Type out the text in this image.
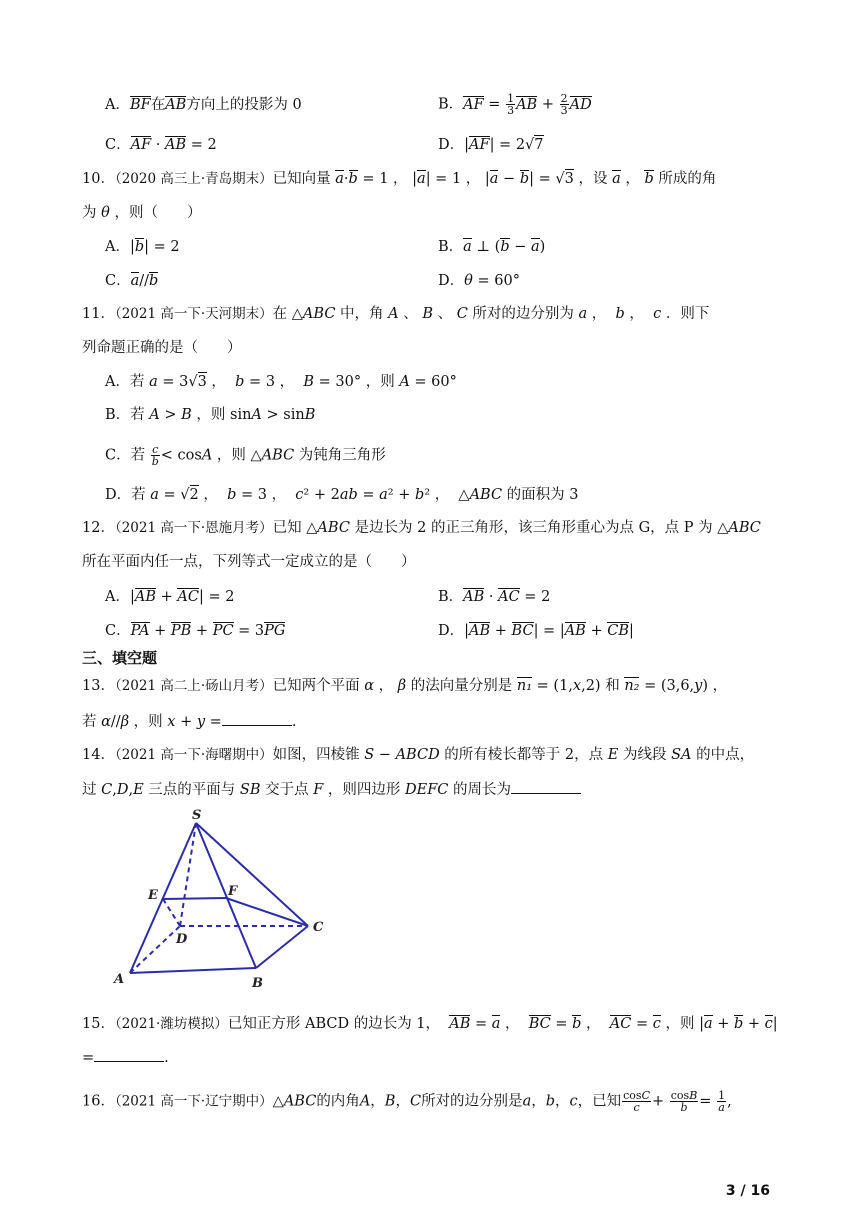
A．BF在AB方向上的投影为 0	B．AF = $\frac{1}{3}$ AB + $\frac{2}{3}$ AD
C．AF · AB = 2	D．|AF| = 2√7
10．（2020 高三上·青岛期末）已知向量 a·b = 1 ， |a| = 1 ， |a − b| = √3 ，设 a ， b 所成的角
为 θ ，则（　　）
A．|b| = 2	B．a ⊥ (b − a)
C．a//b	D．θ = 60°
11．（2021 高一下·天河期末）在 △ABC 中，角 A 、 B 、 C 所对的边分别为 a ，  b ，  c ．则下
列命题正确的是（　　）
A．若 a = 3√3 ，  b = 3 ，  B = 30° ，则 A = 60°
B．若 A > B ，则 sinA > sinB
C．若 $\frac{c}{b} < \cos A$ ，则 △ABC 为钝角三角形
D．若 a = √2 ，  b = 3 ，  c² + 2ab = a² + b² ，  △ABC 的面积为 3
12．（2021 高一下·恩施月考）已知 △ABC 是边长为 2 的正三角形，该三角形重心为点 G，点 P 为 △ABC
所在平面内任一点，下列等式一定成立的是（　　）
A．|AB + AC| = 2	B．AB · AC = 2
C．PA + PB + PC = 3PG	D．|AB + BC| = |AB + CB|
三、填空题
13．（2021 高二上·砀山月考）已知两个平面 α ， β 的法向量分别是 n₁ = (1,x,2) 和 n₂ = (3,6,y) ，
若 α//β ，则 x + y =	.
14．（2021 高一下·海曙期中）如图，四棱锥 S − ABCD 的所有棱长都等于 2，点 E 为线段 SA 的中点，
过 C,D,E 三点的平面与 SB 交于点 F ，则四边形 DEFC 的周长为
S
E	F
D
C
A	B
15．（2021·潍坊模拟）已知正方形 ABCD 的边长为 1，  AB = a ，  BC = b ，  AC = c ，则 |a + b + c|
=	.
16．（2021 高一下·辽宁期中）△ABC的内角A，B，C所对的边分别是a，b，c，已知 $\frac{\cos C}{c} + \frac{\cos B}{b} = \frac{1}{a}$ ,
3 / 16
